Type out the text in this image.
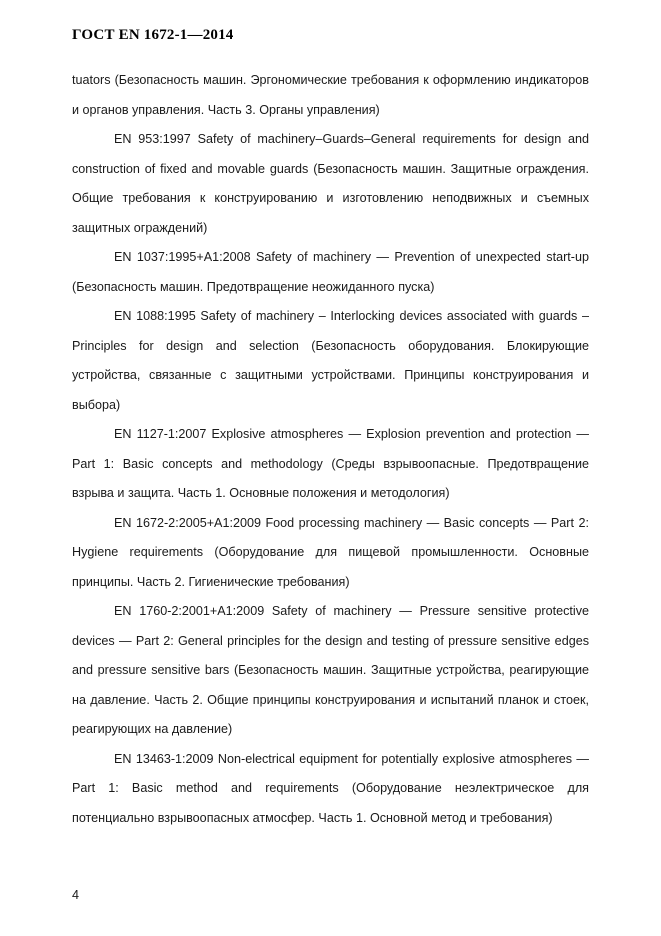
ГОСТ EN 1672-1—2014

tuators (Безопасность машин. Эргономические требования к оформлению индикаторов и органов управления. Часть 3. Органы управления)

EN 953:1997 Safety of machinery–Guards–General requirements for design and construction of fixed and movable guards (Безопасность машин. Защитные ограждения. Общие требования к конструированию и изготовлению неподвижных и съемных защитных ограждений)

EN 1037:1995+A1:2008 Safety of machinery — Prevention of unexpected start-up (Безопасность машин. Предотвращение неожиданного пуска)

EN 1088:1995 Safety of machinery – Interlocking devices associated with guards – Principles for design and selection (Безопасность оборудования. Блокирующие устройства, связанные с защитными устройствами. Принципы конструирования и выбора)

EN 1127-1:2007 Explosive atmospheres — Explosion prevention and protection — Part 1: Basic concepts and methodology (Среды взрывоопасные. Предотвращение взрыва и защита. Часть 1. Основные положения и методология)

EN 1672-2:2005+A1:2009 Food processing machinery — Basic concepts — Part 2: Hygiene requirements (Оборудование для пищевой промышленности. Основные принципы. Часть 2. Гигиенические требования)

EN 1760-2:2001+A1:2009 Safety of machinery — Pressure sensitive protective devices — Part 2: General principles for the design and testing of pressure sensitive edges and pressure sensitive bars (Безопасность машин. Защитные устройства, реагирующие на давление. Часть 2. Общие принципы конструирования и испытаний планок и стоек, реагирующих на давление)

EN 13463-1:2009 Non-electrical equipment for potentially explosive atmospheres — Part 1: Basic method and requirements (Оборудование неэлектрическое для потенциально взрывоопасных атмосфер. Часть 1. Основной метод и требования)

4
